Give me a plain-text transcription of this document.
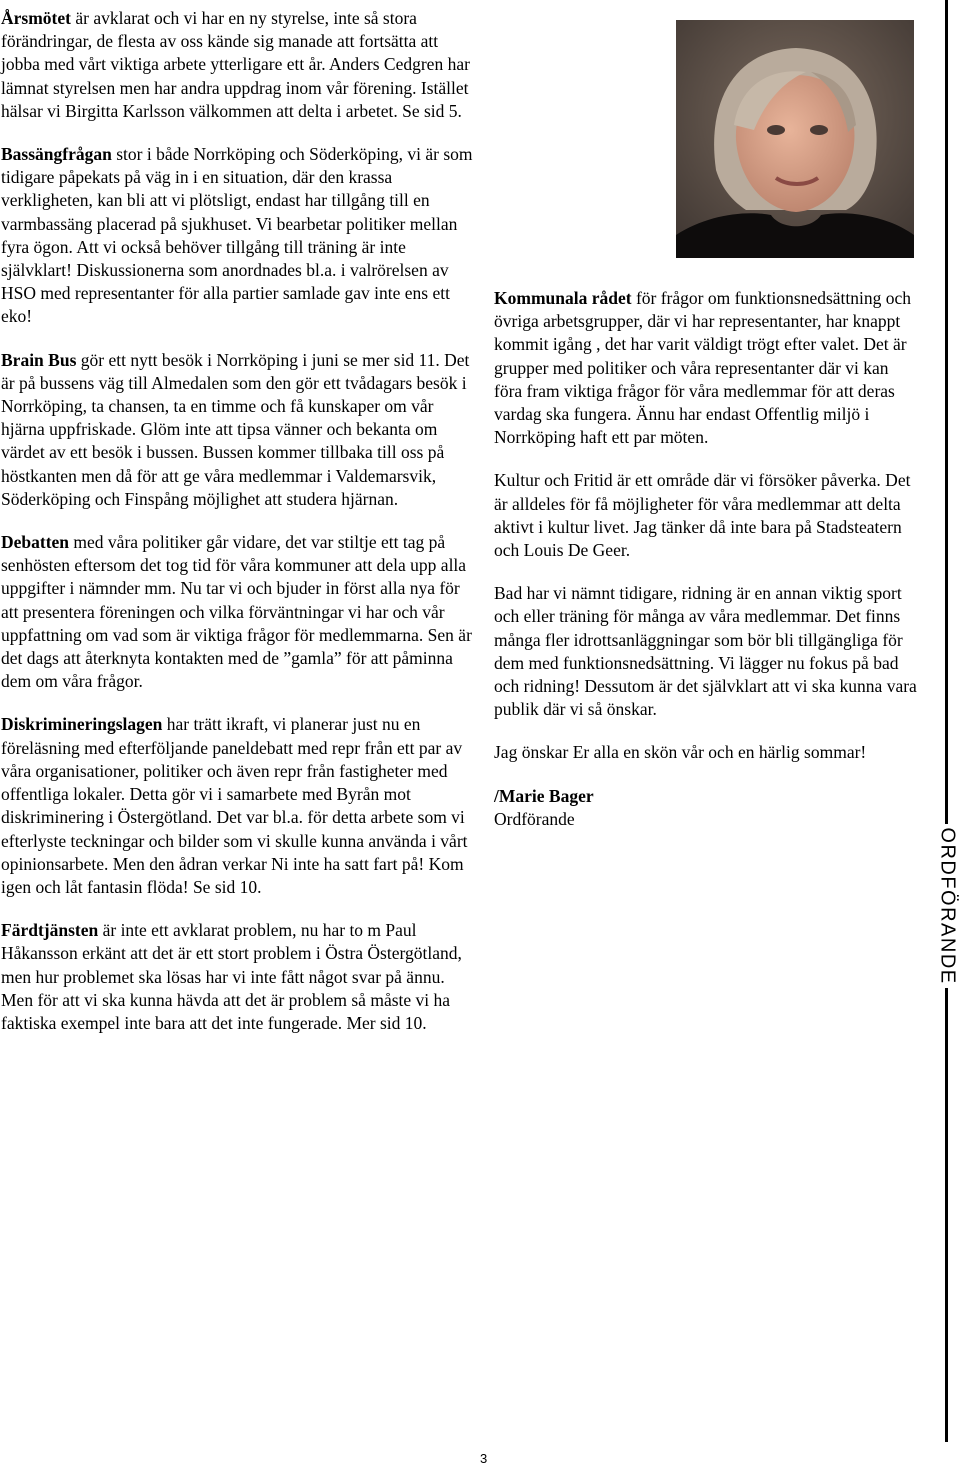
Årsmötet är avklarat och vi har en ny styrelse, inte så stora förändringar, de flesta av oss kände sig manade att fortsätta att jobba med vårt viktiga arbete ytterligare ett år. Anders Cedgren har lämnat styrelsen men har andra uppdrag inom vår förening. Istället hälsar vi Birgitta Karlsson välkommen att delta i arbetet. Se sid 5.

Bassängfrågan stor i både Norrköping och Söderköping, vi är som tidigare påpekats på väg in i en situation, där den krassa verkligheten, kan bli att vi plötsligt, endast har tillgång till en varmbassäng placerad på sjukhuset. Vi bearbetar politiker mellan fyra ögon. Att vi också behöver tillgång till träning är inte självklart! Diskussionerna som anordnades bl.a. i valrörelsen av HSO med representanter för alla partier samlade gav inte ens ett eko!

Brain Bus gör ett nytt besök i Norrköping i juni se mer sid 11. Det är på bussens väg till Almedalen som den gör ett tvådagars besök i Norrköping, ta chansen, ta en timme och få kunskaper om vår hjärna uppfriskade. Glöm inte att tipsa vänner och bekanta om värdet av ett besök i bussen. Bussen kommer tillbaka till oss på höstkanten men då för att ge våra medlemmar i Valdemarsvik, Söderköping och Finspång möjlighet att studera hjärnan.

Debatten med våra politiker går vidare, det var stiltje ett tag på senhösten eftersom det tog tid för våra kommuner att dela upp alla uppgifter i nämnder mm. Nu tar vi och bjuder in först alla nya för att presentera föreningen och vilka förväntningar vi har och vår uppfattning om vad som är viktiga frågor för medlemmarna. Sen är det dags att återknyta kontakten med de ”gamla” för att påminna dem om våra frågor.

Diskrimineringslagen har trätt ikraft, vi planerar just nu en föreläsning med efterföljande paneldebatt med repr från ett par av våra organisationer, politiker och även repr från fastigheter med offentliga lokaler. Detta gör vi i samarbete med Byrån mot diskriminering i Östergötland. Det var bl.a. för detta arbete som vi efterlyste teckningar och bilder som vi skulle kunna använda i vårt opinionsarbete. Men den ådran verkar Ni inte ha satt fart på! Kom igen och låt fantasin flöda! Se sid 10.

Färdtjänsten är inte ett avklarat problem, nu har to m Paul Håkansson erkänt att det är ett stort problem i Östra Östergötland, men hur problemet ska lösas har vi inte fått något svar på ännu. Men för att vi ska kunna hävda att det är problem så måste vi ha faktiska exempel inte bara att det inte fungerade. Mer sid 10.

Kommunala rådet för frågor om funktionsnedsättning och övriga arbetsgrupper, där vi har representanter, har knappt kommit igång , det har varit väldigt trögt efter valet. Det är grupper med politiker och våra representanter där vi kan föra fram viktiga frågor för våra medlemmar för att deras vardag ska fungera. Ännu har endast Offentlig miljö i Norrköping haft ett par möten.

Kultur och Fritid är ett område där vi försöker påverka. Det är alldeles för få möjligheter för våra medlemmar att delta aktivt i kultur livet. Jag tänker då inte bara på Stadsteatern och Louis De Geer.

Bad har vi nämnt tidigare, ridning är en annan viktig sport och eller träning för många av våra medlemmar. Det finns många fler idrottsanläggningar som bör bli tillgängliga för dem med funktionsnedsättning. Vi lägger nu fokus på bad och ridning! Dessutom är det självklart att vi ska kunna vara publik där vi så önskar.

Jag önskar Er alla en skön vår och en härlig sommar!

/Marie Bager

Ordförande

ORDFÖRANDE
3
